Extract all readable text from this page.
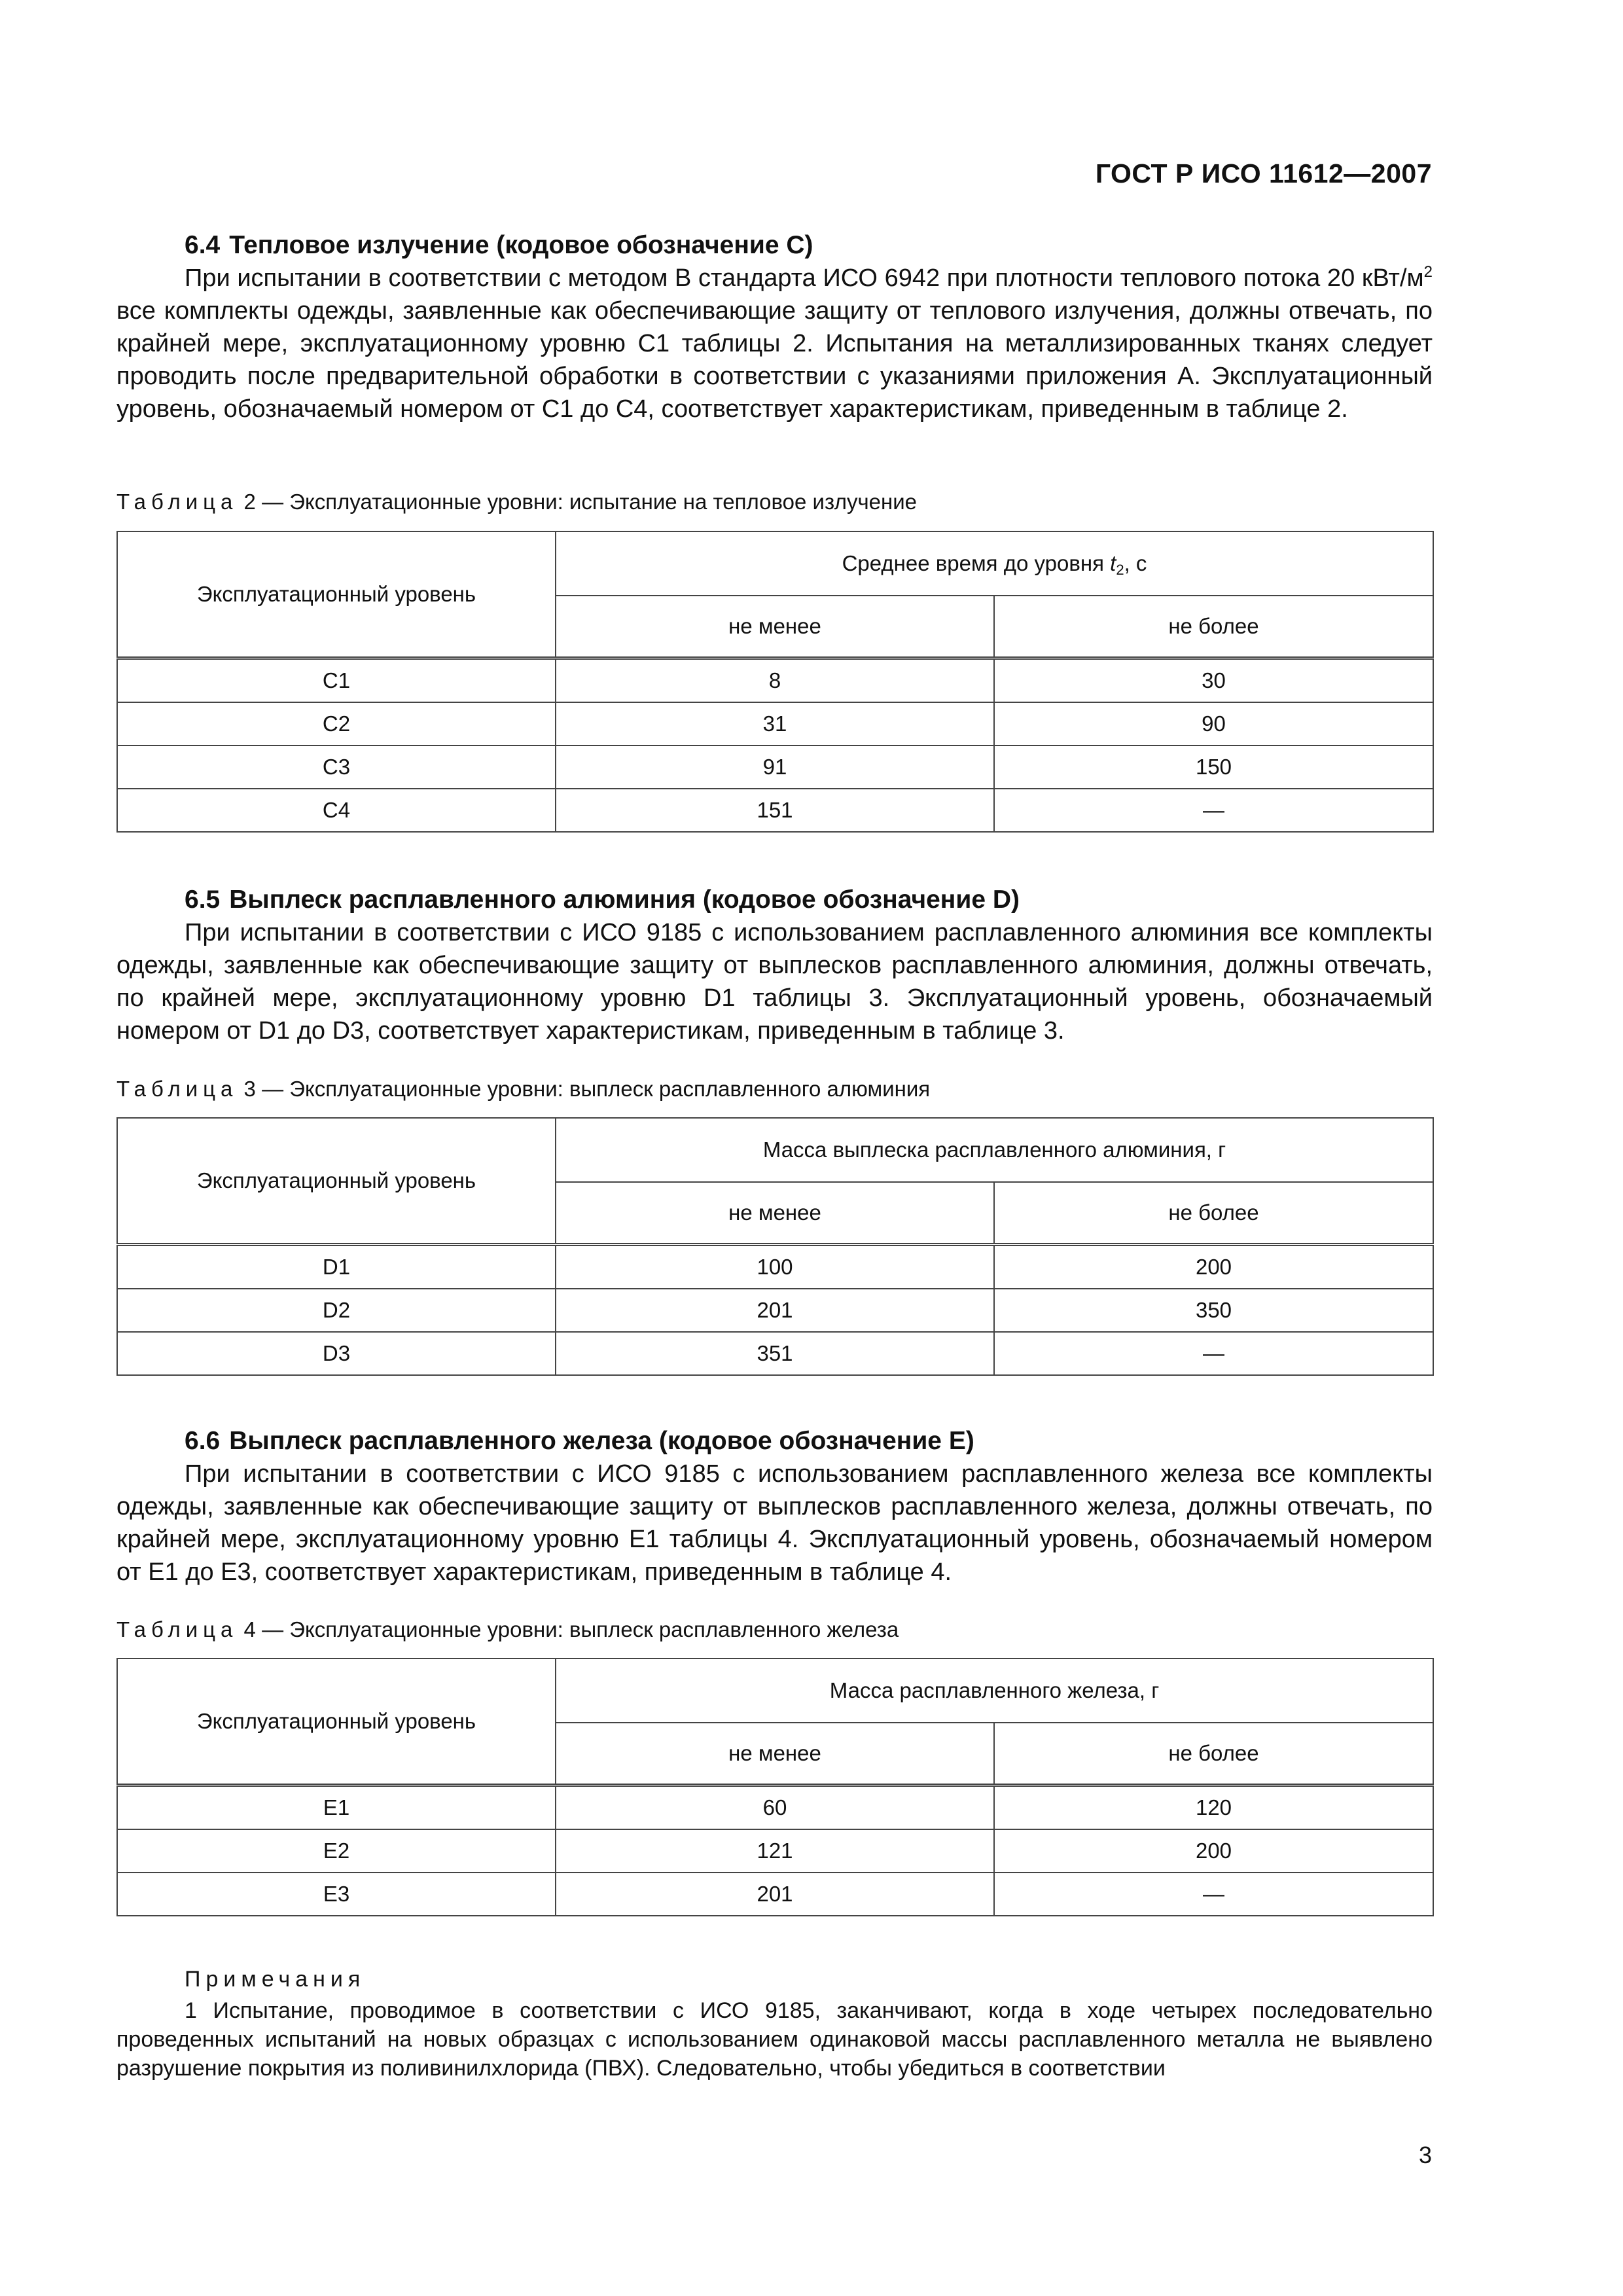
ГОСТ Р ИСО 11612—2007
6.4 Тепловое излучение (кодовое обозначение С)

При испытании в соответствии с методом В стандарта ИСО 6942 при плотности теплового потока 20 кВт/$м^2$ все комплекты одежды, заявленные как обеспечивающие защиту от теплового излучения, должны отвечать, по крайней мере, эксплуатационному уровню С1 таблицы 2. Испытания на металлизированных тканях следует проводить после предварительной обработки в соответствии с указаниями приложения А. Эксплуатационный уровень, обозначаемый номером от С1 до С4, соответствует характеристикам, приведенным в таблице 2.

Таблица 2 — Эксплуатационные уровни: испытание на тепловое излучение
Эксплуатационный уровень	Среднее время до уровня $t_2$, с	
	не менее	не более
С1	8	30
С2	31	90
С3	91	150
С4	151	—
6.5 Выплеск расплавленного алюминия (кодовое обозначение D)

При испытании в соответствии с ИСО 9185 с использованием расплавленного алюминия все комплекты одежды, заявленные как обеспечивающие защиту от выплесков расплавленного алюминия, должны отвечать, по крайней мере, эксплуатационному уровню D1 таблицы 3. Эксплуатационный уровень, обозначаемый номером от D1 до D3, соответствует характеристикам, приведенным в таблице 3.

Таблица 3 — Эксплуатационные уровни: выплеск расплавленного алюминия
Эксплуатационный уровень	Масса выплеска расплавленного алюминия, г	
	не менее	не более
D1	100	200
D2	201	350
D3	351	—
6.6 Выплеск расплавленного железа (кодовое обозначение Е)

При испытании в соответствии с ИСО 9185 с использованием расплавленного железа все комплекты одежды, заявленные как обеспечивающие защиту от выплесков расплавленного железа, должны отвечать, по крайней мере, эксплуатационному уровню Е1 таблицы 4. Эксплуатационный уровень, обозначаемый номером от Е1 до Е3, соответствует характеристикам, приведенным в таблице 4.

Таблица 4 — Эксплуатационные уровни: выплеск расплавленного железа
Эксплуатационный уровень	Масса расплавленного железа, г	
	не менее	не более
Е1	60	120
Е2	121	200
Е3	201	—
Примечания

1 Испытание, проводимое в соответствии с ИСО 9185, заканчивают, когда в ходе четырех последовательно проведенных испытаний на новых образцах с использованием одинаковой массы расплавленного металла не выявлено разрушение покрытия из поливинилхлорида (ПВХ). Следовательно, чтобы убедиться в соответствии

3
